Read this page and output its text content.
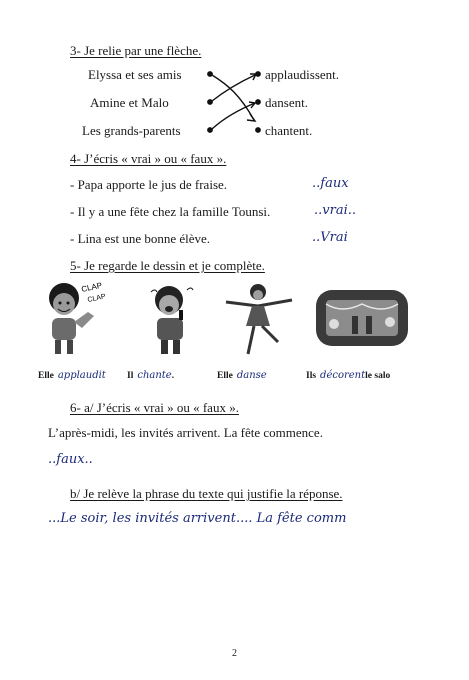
3- Je relie par une flèche.
Elyssa et ses amis
Amine et Malo
Les grands-parents
applaudissent.
dansent.
chantent.
4- J’écris « vrai » ou « faux ».
- Papa apporte le jus de fraise.	..faux
- Il y a une fête chez la famille Tounsi.	..vrai..
- Lina est une bonne élève.	..Vrai
5- Je regarde le dessin et je complète.
CLAP
CLAP
Elle applaudit Il chante.	Elle danse	Ils décorentle salo
6- a/ J’écris « vrai » ou « faux ».
L’après-midi, les invités arrivent. La fête commence.
..faux..
b/ Je relève la phrase du texte qui justifie la réponse.
...Le soir, les invités arrivent.... La fête comm
2
